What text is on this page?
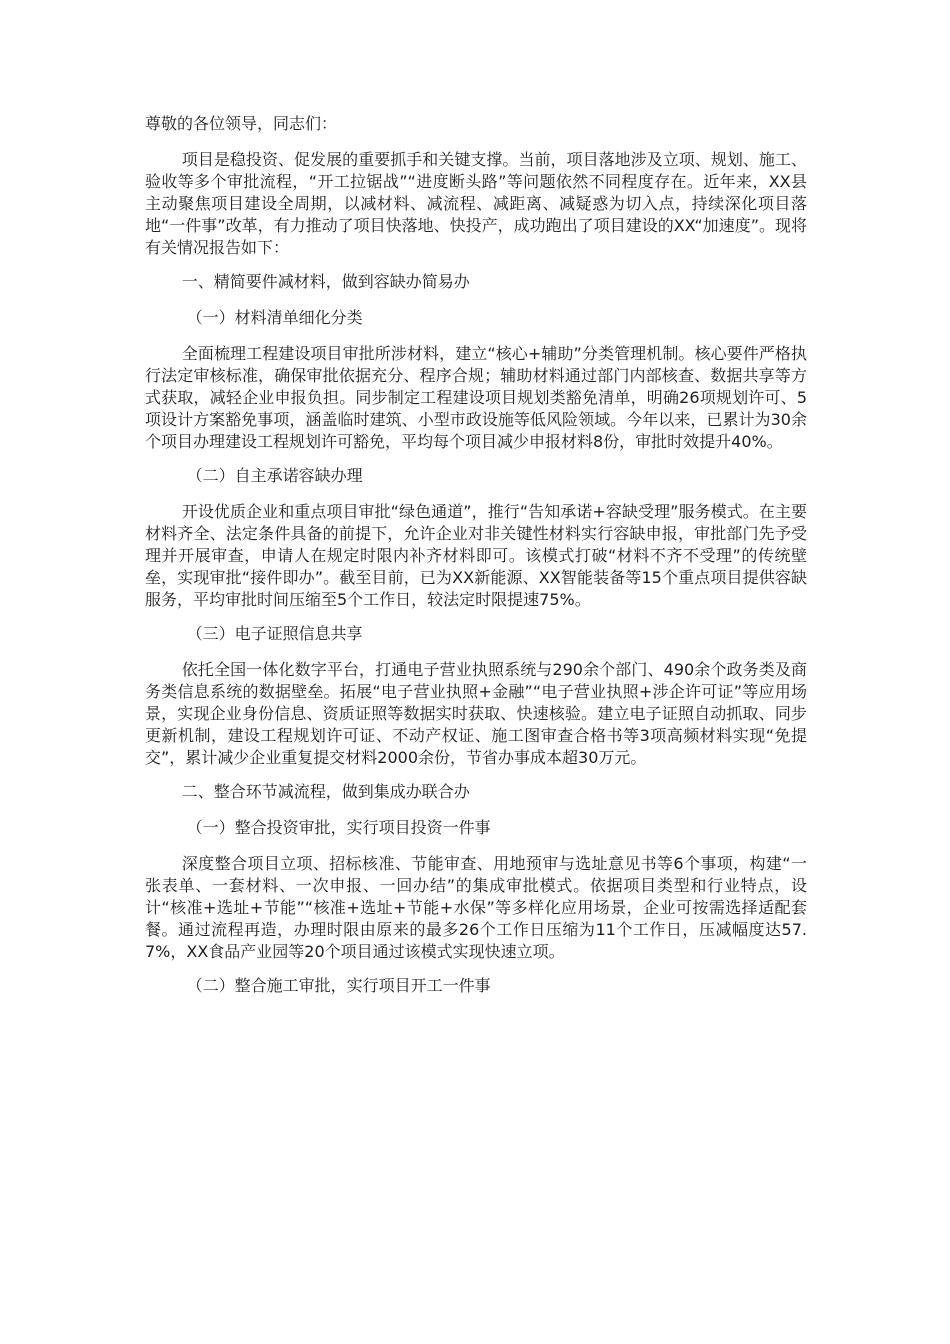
尊敬的各位领导，同志们：

项目是稳投资、促发展的重要抓手和关键支撑。当前，项目落地涉及立项、规划、施工、验收等多个审批流程，“开工拉锯战”“进度断头路”等问题依然不同程度存在。近年来，XX县主动聚焦项目建设全周期，以减材料、减流程、减距离、减疑惑为切入点，持续深化项目落地“一件事”改革，有力推动了项目快落地、快投产，成功跑出了项目建设的XX“加速度”。现将有关情况报告如下：

一、精简要件减材料，做到容缺办简易办

（一）材料清单细化分类

全面梳理工程建设项目审批所涉材料，建立“核心+辅助”分类管理机制。核心要件严格执行法定审核标准，确保审批依据充分、程序合规；辅助材料通过部门内部核查、数据共享等方式获取，减轻企业申报负担。同步制定工程建设项目规划类豁免清单，明确26项规划许可、5项设计方案豁免事项，涵盖临时建筑、小型市政设施等低风险领域。今年以来，已累计为30余个项目办理建设工程规划许可豁免，平均每个项目减少申报材料8份，审批时效提升40%。

（二）自主承诺容缺办理

开设优质企业和重点项目审批“绿色通道”，推行“告知承诺+容缺受理”服务模式。在主要材料齐全、法定条件具备的前提下，允许企业对非关键性材料实行容缺申报，审批部门先予受理并开展审查，申请人在规定时限内补齐材料即可。该模式打破“材料不齐不受理”的传统壁垒，实现审批“接件即办”。截至目前，已为XX新能源、XX智能装备等15个重点项目提供容缺服务，平均审批时间压缩至5个工作日，较法定时限提速75%。

（三）电子证照信息共享

依托全国一体化数字平台，打通电子营业执照系统与290余个部门、490余个政务类及商务类信息系统的数据壁垒。拓展“电子营业执照+金融”“电子营业执照+涉企许可证”等应用场景，实现企业身份信息、资质证照等数据实时获取、快速核验。建立电子证照自动抓取、同步更新机制，建设工程规划许可证、不动产权证、施工图审查合格书等3项高频材料实现“免提交”，累计减少企业重复提交材料2000余份，节省办事成本超30万元。

二、整合环节减流程，做到集成办联合办

（一）整合投资审批，实行项目投资一件事

深度整合项目立项、招标核准、节能审查、用地预审与选址意见书等6个事项，构建“一张表单、一套材料、一次申报、一回办结”的集成审批模式。依据项目类型和行业特点，设计“核准+选址+节能”“核准+选址+节能+水保”等多样化应用场景，企业可按需选择适配套餐。通过流程再造，办理时限由原来的最多26个工作日压缩为11个工作日，压减幅度达57.7%，XX食品产业园等20个项目通过该模式实现快速立项。

（二）整合施工审批，实行项目开工一件事
